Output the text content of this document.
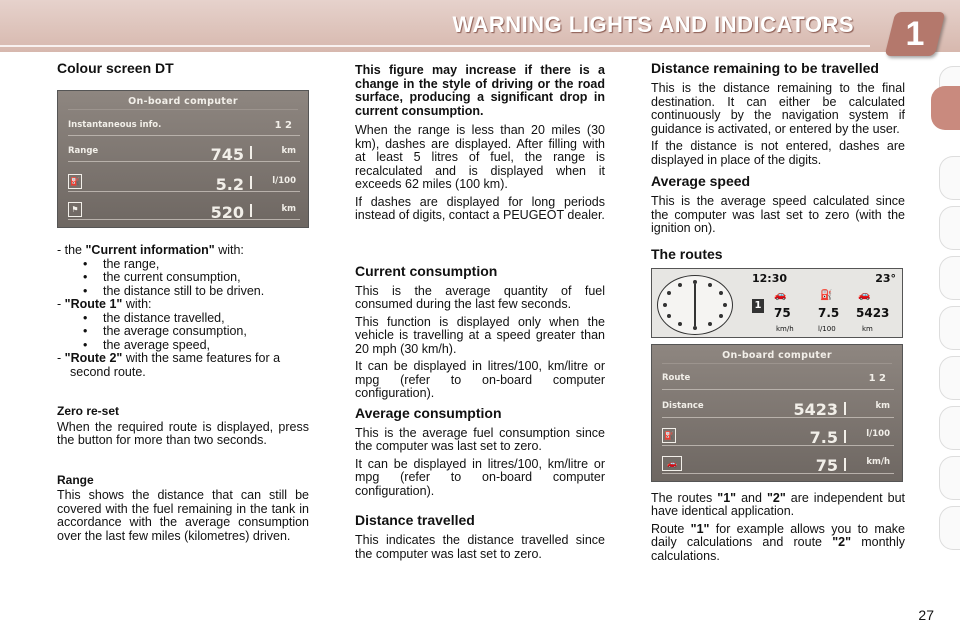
WARNING LIGHTS AND INDICATORS	1
Colour screen DT
On-board computer
Instantaneous info.	1 2
Range	745	km
⛽	5.2	l/100
⚑	520	km
- the "Current information" with:
• the range,
• the current consumption,
• the distance still to be driven.
- "Route 1" with:
• the distance travelled,
• the average consumption,
• the average speed,
- "Route 2" with the same features for a second route.
Zero re-set

When the required route is displayed, press the button for more than two seconds.

Range

This shows the distance that can still be covered with the fuel remaining in the tank in accordance with the average consumption over the last few miles (kilometres) driven.

This figure may increase if there is a change in the style of driving or the road surface, producing a significant drop in current consumption.

When the range is less than 20 miles (30 km), dashes are displayed. After filling with at least 5 litres of fuel, the range is recalculated and is displayed when it exceeds 62 miles (100 km).

If dashes are displayed for long periods instead of digits, contact a PEUGEOT dealer.

Current consumption

This is the average quantity of fuel consumed during the last few seconds.

This function is displayed only when the vehicle is travelling at a speed greater than 20 mph (30 km/h).

It can be displayed in litres/100, km/litre or mpg (refer to on-board computer configuration).

Average consumption

This is the average fuel consumption since the computer was last set to zero.

It can be displayed in litres/100, km/litre or mpg (refer to on-board computer configuration).

Distance travelled

This indicates the distance travelled since the computer was last set to zero.

Distance remaining to be travelled

This is the distance remaining to the final destination. It can either be calculated continuously by the navigation system if guidance is activated, or entered by the user.

If the distance is not entered, dashes are displayed in place of the digits.

Average speed

This is the average speed calculated since the computer was last set to zero (with the ignition on).

The routes
12:30	23°
1
🚗
75
km/h
⛽
7.5
l/100
🚗
5423
km
On-board computer
Route	1 2
Distance	5423	km
⛽	7.5	l/100
🚗	75	km/h

The routes "1" and "2" are independent but have identical application.

Route "1" for example allows you to make daily calculations and route "2" monthly calculations.

27
